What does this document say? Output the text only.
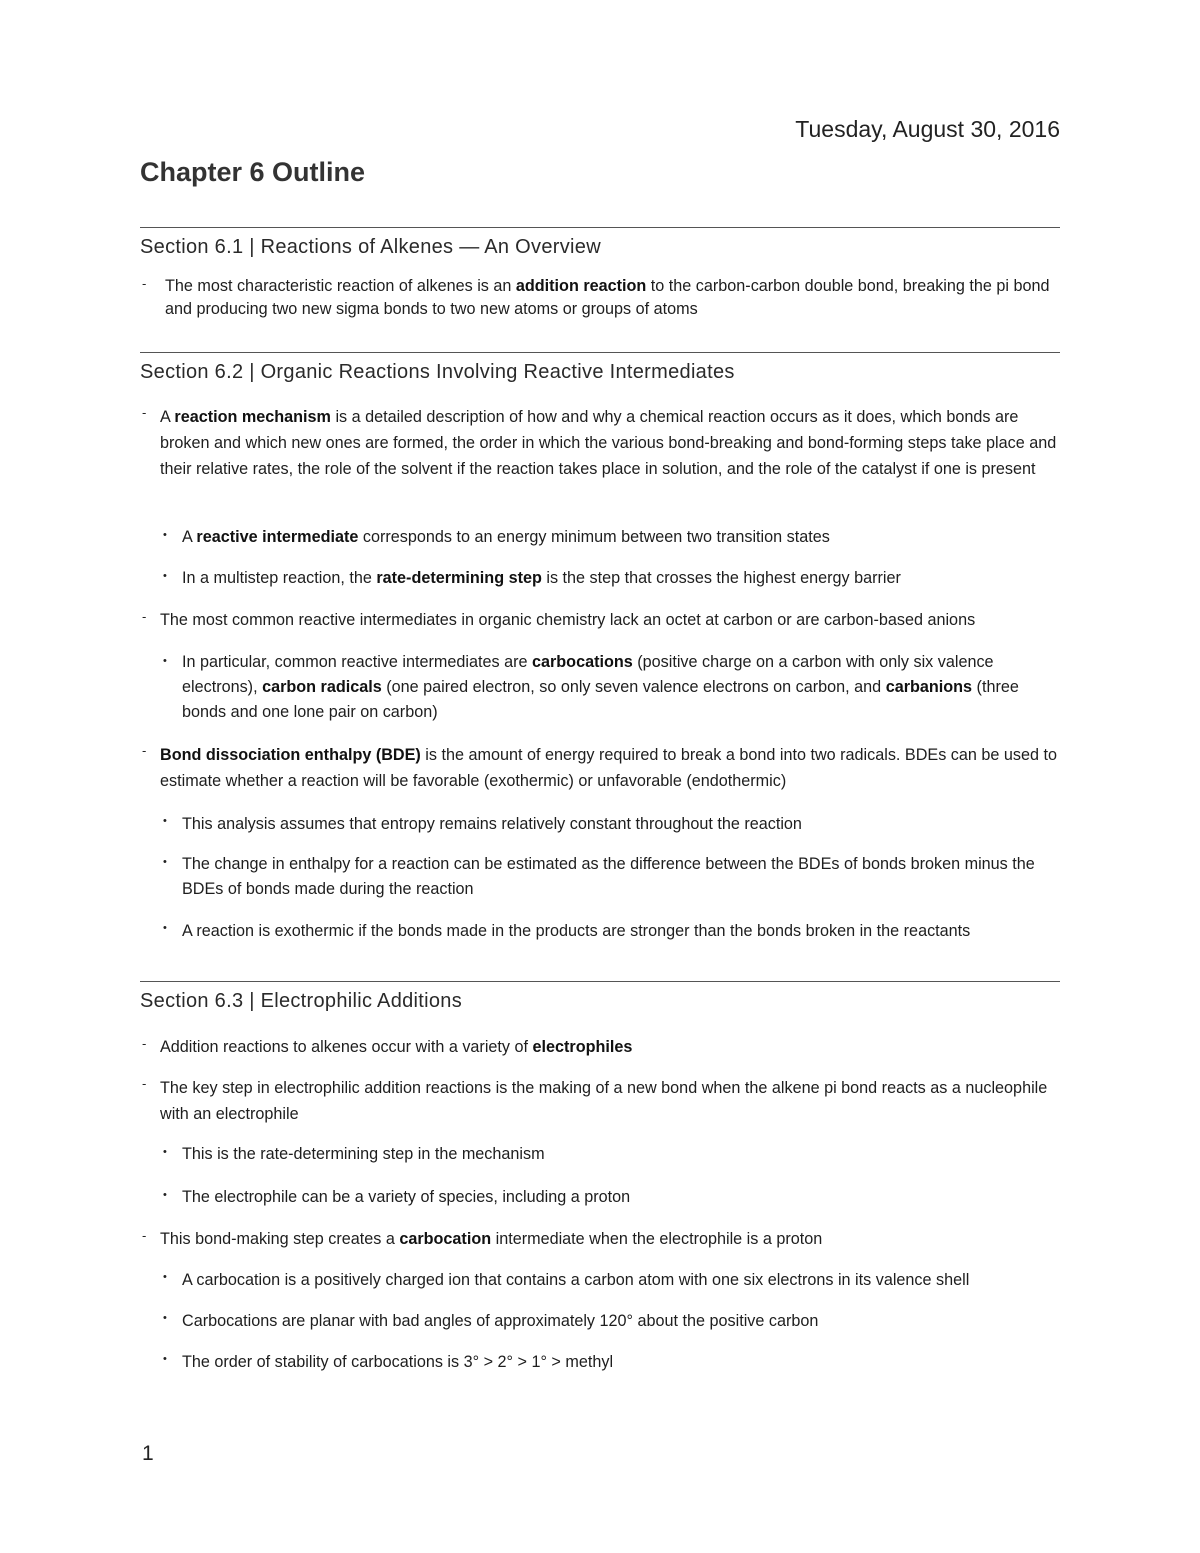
Tuesday, August 30, 2016
Chapter 6 Outline
Section 6.1 | Reactions of Alkenes — An Overview
- The most characteristic reaction of alkenes is an addition reaction to the carbon-carbon double bond, breaking the pi bond and producing two new sigma bonds to two new atoms or groups of atoms
Section 6.2 | Organic Reactions Involving Reactive Intermediates
- A reaction mechanism is a detailed description of how and why a chemical reaction occurs as it does, which bonds are broken and which new ones are formed, the order in which the various bond-breaking and bond-forming steps take place and their relative rates, the role of the solvent if the reaction takes place in solution, and the role of the catalyst if one is present
• A reactive intermediate corresponds to an energy minimum between two transition states
• In a multistep reaction, the rate-determining step is the step that crosses the highest energy barrier
- The most common reactive intermediates in organic chemistry lack an octet at carbon or are carbon-based anions
• In particular, common reactive intermediates are carbocations (positive charge on a carbon with only six valence electrons), carbon radicals (one paired electron, so only seven valence electrons on carbon, and carbanions (three bonds and one lone pair on carbon)
- Bond dissociation enthalpy (BDE) is the amount of energy required to break a bond into two radicals. BDEs can be used to estimate whether a reaction will be favorable (exothermic) or unfavorable (endothermic)
• This analysis assumes that entropy remains relatively constant throughout the reaction
• The change in enthalpy for a reaction can be estimated as the difference between the BDEs of bonds broken minus the BDEs of bonds made during the reaction
• A reaction is exothermic if the bonds made in the products are stronger than the bonds broken in the reactants
Section 6.3 | Electrophilic Additions
- Addition reactions to alkenes occur with a variety of electrophiles
- The key step in electrophilic addition reactions is the making of a new bond when the alkene pi bond reacts as a nucleophile with an electrophile
• This is the rate-determining step in the mechanism
• The electrophile can be a variety of species, including a proton
- This bond-making step creates a carbocation intermediate when the electrophile is a proton
• A carbocation is a positively charged ion that contains a carbon atom with one six electrons in its valence shell
• Carbocations are planar with bad angles of approximately 120° about the positive carbon
• The order of stability of carbocations is 3° > 2° > 1° > methyl
1
